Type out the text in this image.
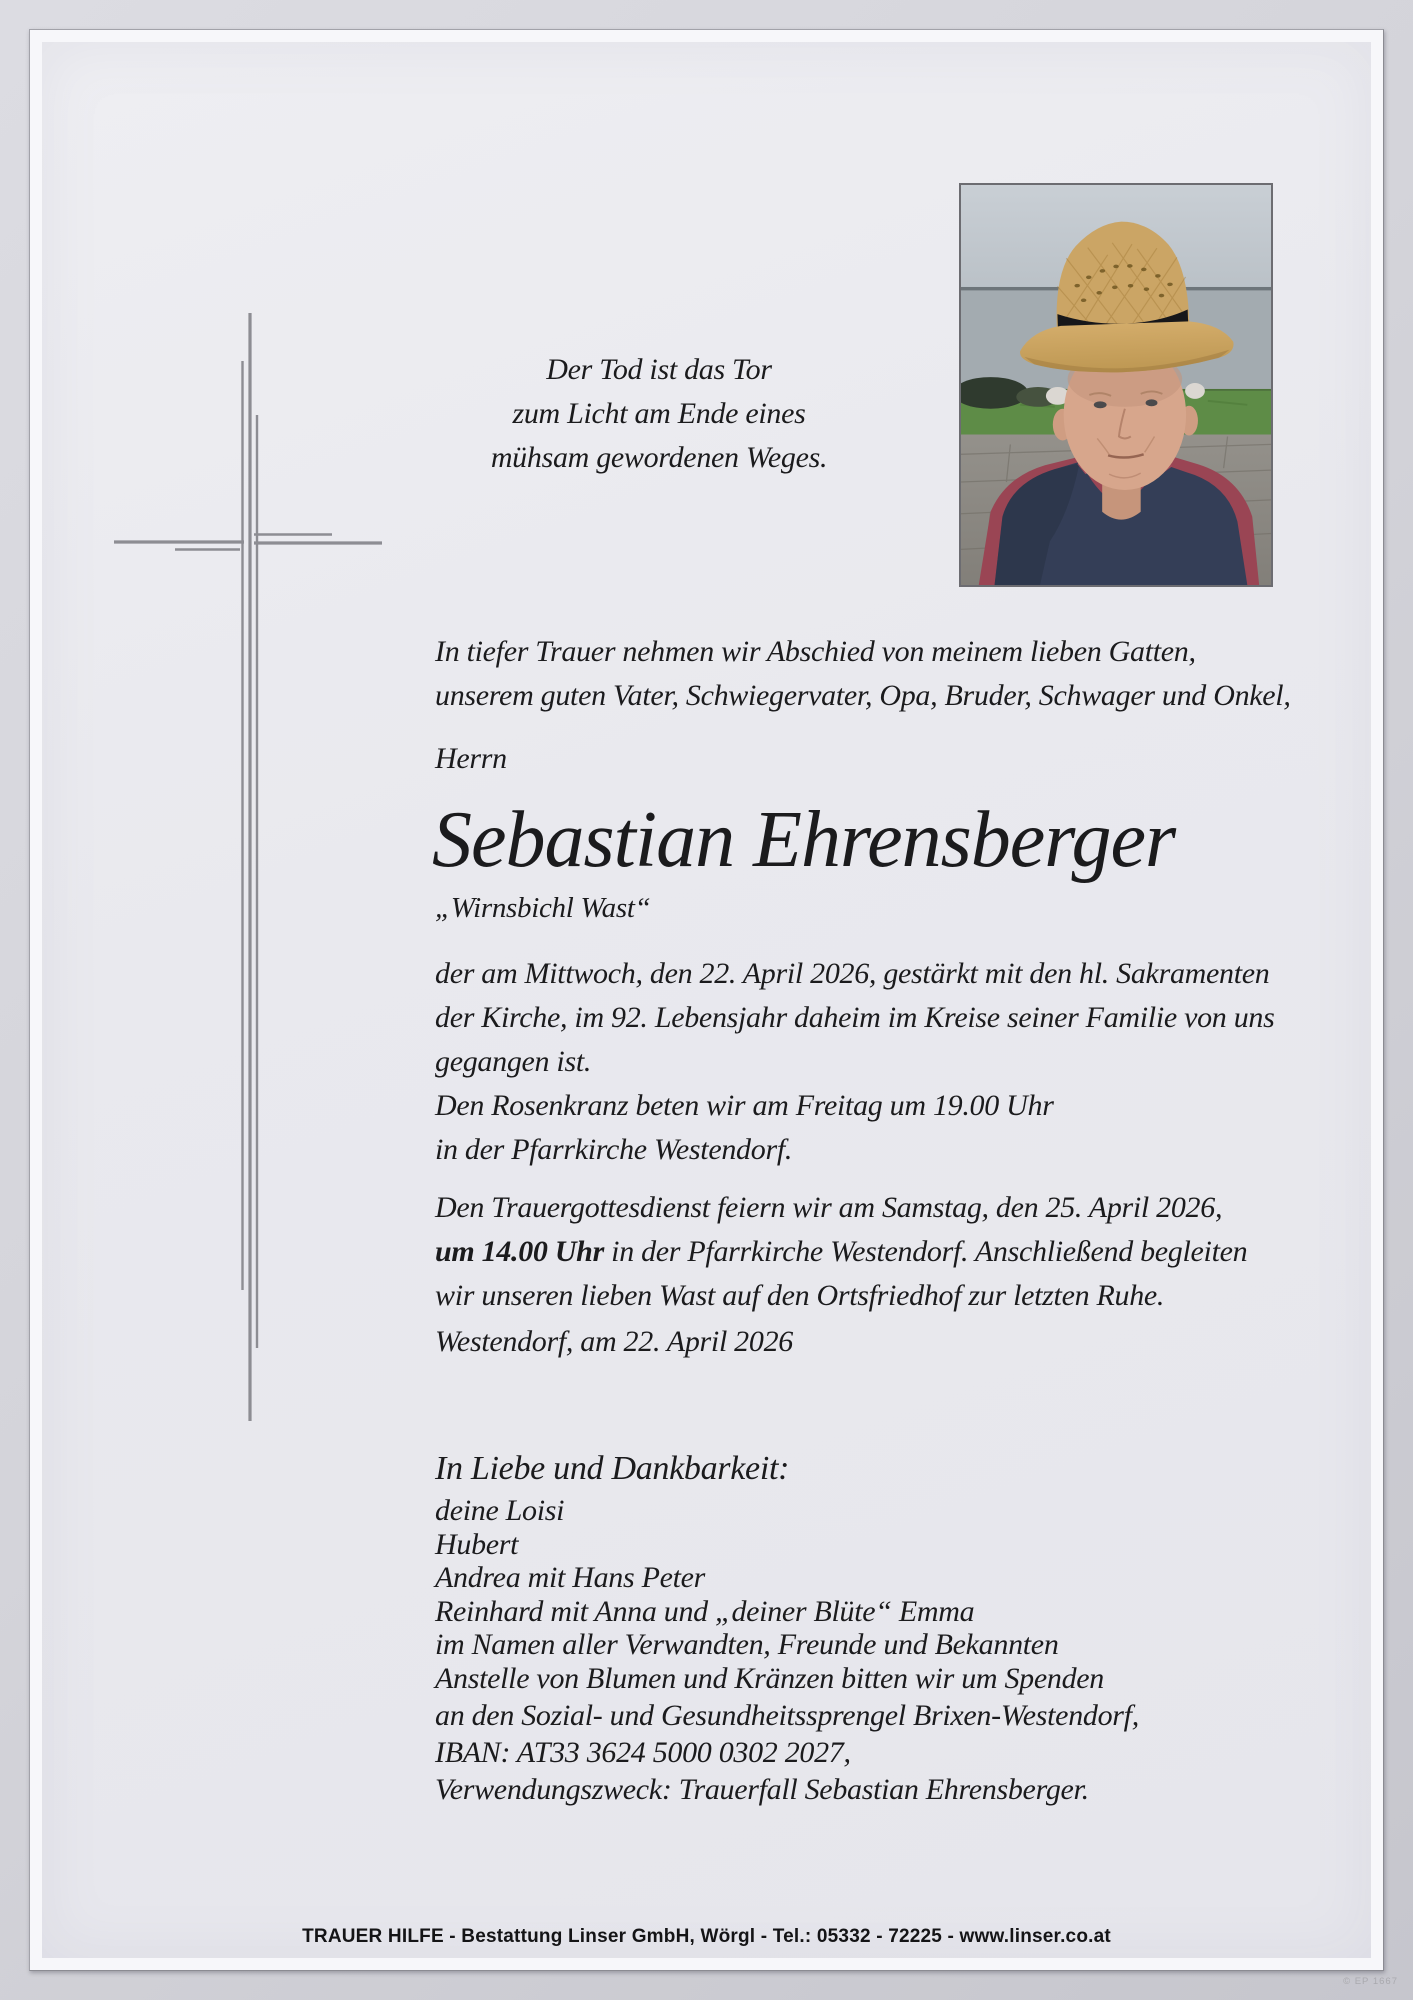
Der Tod ist das Tor
zum Licht am Ende eines
mühsam gewordenen Weges.
In tiefer Trauer nehmen wir Abschied von meinem lieben Gatten,
unserem guten Vater, Schwiegervater, Opa, Bruder, Schwager und Onkel,
Herrn
Sebastian Ehrensberger
„Wirnsbichl Wast“
der am Mittwoch, den 22. April 2026, gestärkt mit den hl. Sakramenten
der Kirche, im 92. Lebensjahr daheim im Kreise seiner Familie von uns
gegangen ist.
Den Rosenkranz beten wir am Freitag um 19.00 Uhr
in der Pfarrkirche Westendorf.
Den Trauergottesdienst feiern wir am Samstag, den 25. April 2026,
um 14.00 Uhr in der Pfarrkirche Westendorf. Anschließend begleiten
wir unseren lieben Wast auf den Ortsfriedhof zur letzten Ruhe.
Westendorf, am 22. April 2026
In Liebe und Dankbarkeit:
deine Loisi
Hubert
Andrea mit Hans Peter
Reinhard mit Anna und „deiner Blüte“ Emma
im Namen aller Verwandten, Freunde und Bekannten
Anstelle von Blumen und Kränzen bitten wir um Spenden
an den Sozial- und Gesundheitssprengel Brixen-Westendorf,
IBAN: AT33 3624 5000 0302 2027,
Verwendungszweck: Trauerfall Sebastian Ehrensberger.
TRAUER HILFE - Bestattung Linser GmbH, Wörgl - Tel.: 05332 - 72225 - www.linser.co.at
© EP 1667
